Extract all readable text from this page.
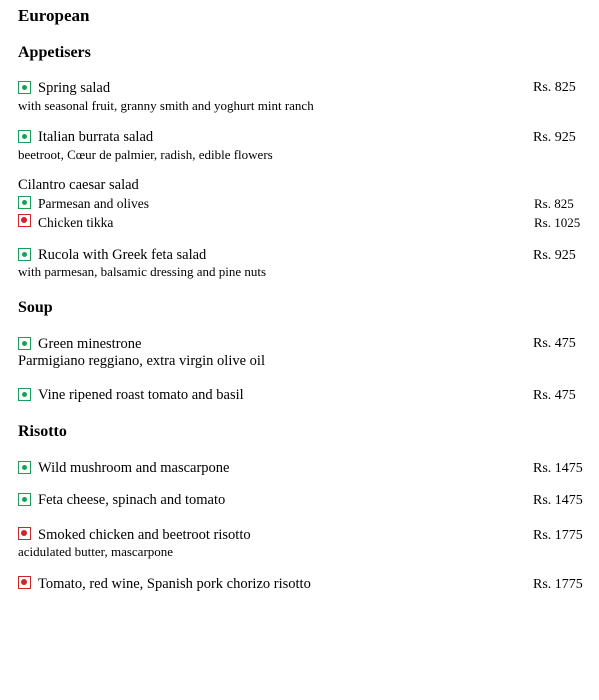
European
Appetisers
Spring salad	Rs. 825
with seasonal fruit, granny smith and yoghurt mint ranch
Italian burrata salad	Rs. 925
beetroot, Cœur de palmier, radish, edible flowers
Cilantro caesar salad
Parmesan and olives	Rs. 825
Chicken tikka	Rs. 1025
Rucola with Greek feta salad	Rs. 925
with parmesan, balsamic dressing and pine nuts
Soup
Green minestrone	Rs. 475
Parmigiano reggiano, extra virgin olive oil
Vine ripened roast tomato and basil	Rs. 475
Risotto
Wild mushroom and mascarpone	Rs. 1475
Feta cheese, spinach and tomato	Rs. 1475
Smoked chicken and beetroot risotto	Rs. 1775
acidulated butter, mascarpone
Tomato, red wine, Spanish pork chorizo risotto	Rs. 1775
